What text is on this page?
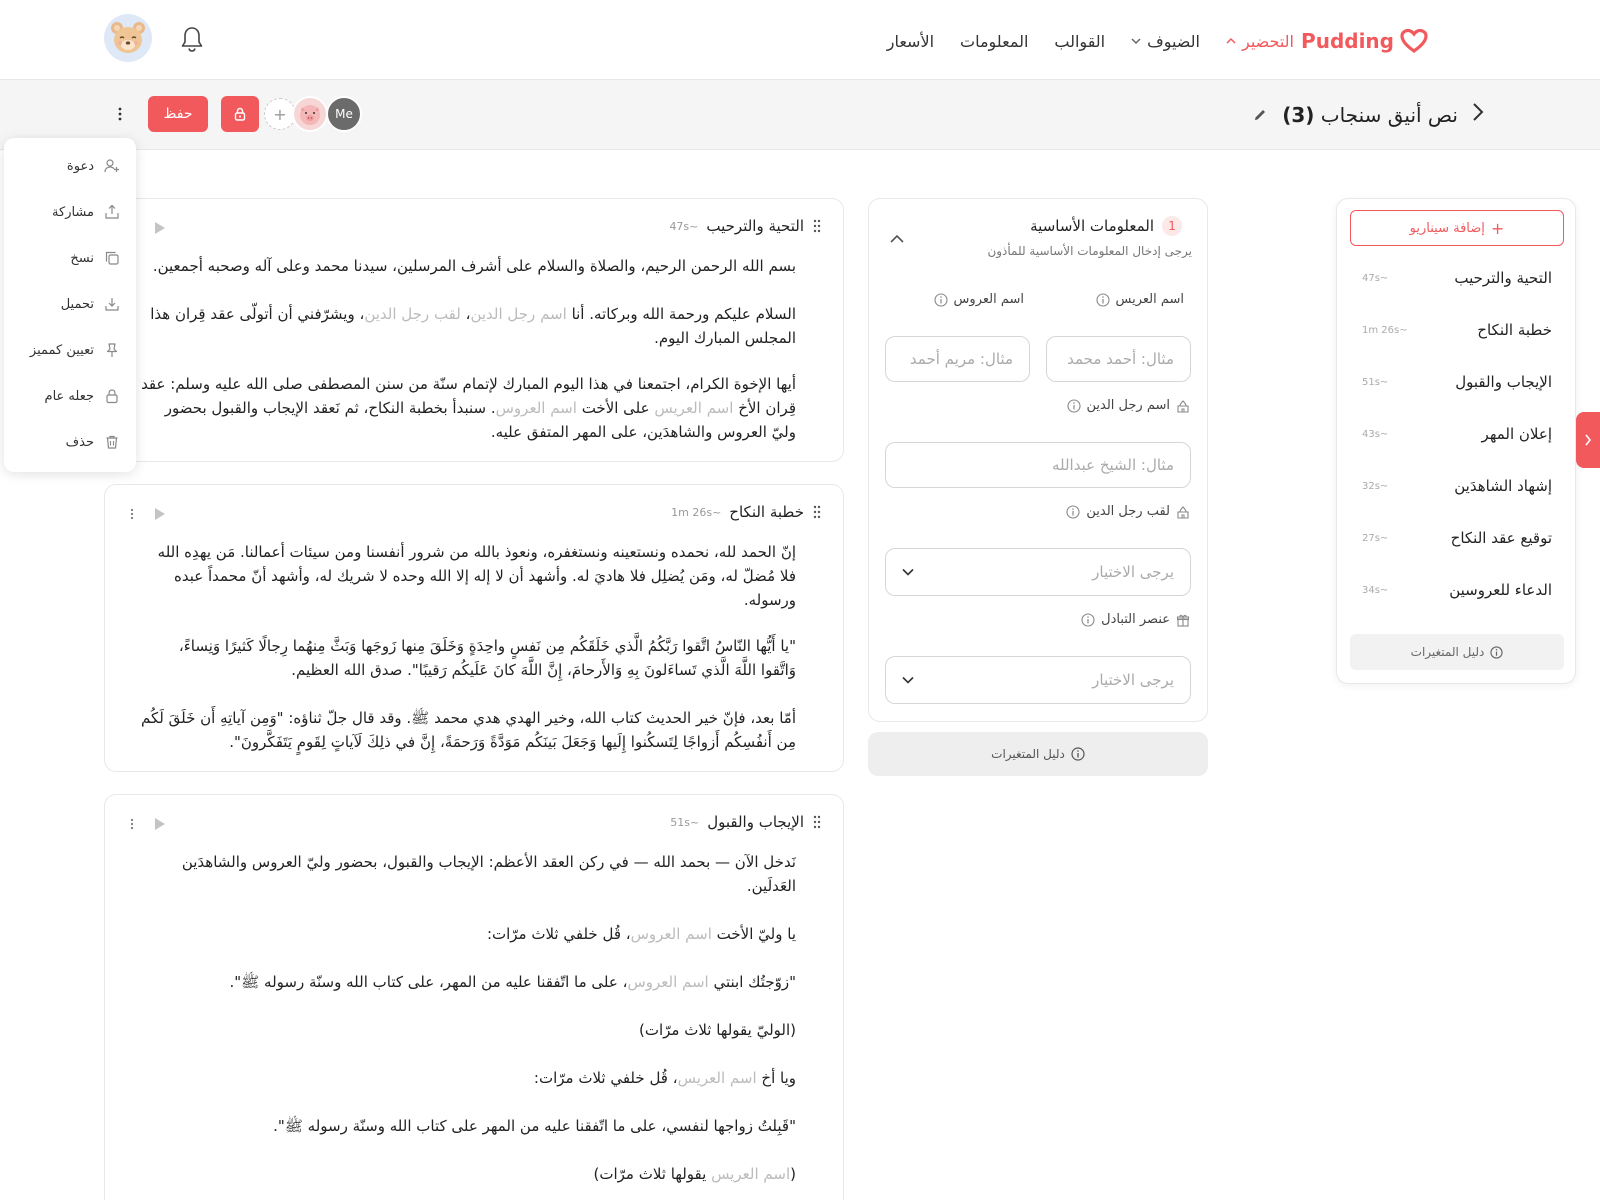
Pudding
التحضير
الضيوف
القوالب
المعلومات
الأسعار
نص أنيق سنجاب (3)
حفظ	+	Me
دعوة
مشاركة
نسخ
تحميل
تعيين كمميز
جعله عام
حذف
+
إضافة سيناريو
التحية والترحيب
47s~
خطبة النكاح
1m 26s~
الإيجاب والقبول
51s~
إعلان المهر
43s~
إشهاد الشاهدَين
32s~
توقيع عقد النكاح
27s~
الدعاء للعروسين
34s~
دليل المتغيرات
1
المعلومات الأساسية
يرجى إدخال المعلومات الأساسية للمأذون
اسم العريس
اسم العروس
مثال: أحمد محمد
مثال: مريم أحمد
اسم رجل الدين
مثال: الشيخ عبدالله
لقب رجل الدين
يرجى الاختيار
عنصر التبادل
يرجى الاختيار
دليل المتغيرات
التحية والترحيب
47s~
بسم الله الرحمن الرحيم، والصلاة والسلام على أشرف المرسلين، سيدنا محمد وعلى آله وصحبه أجمعين.
السلام عليكم ورحمة الله وبركاته. أنا اسم رجل الدين، لقب رجل الدين، ويشرّفني أن أتولّى عقد قِران هذا المجلس المبارك اليوم.
أيها الإخوة الكرام، اجتمعنا في هذا اليوم المبارك لإتمام سنّة من سنن المصطفى صلى الله عليه وسلم: عقد قِران الأخ اسم العريس على الأخت اسم العروس. سنبدأ بخطبة النكاح، ثم نَعقد الإيجاب والقبول بحضور وليّ العروس والشاهدَين، على المهر المتفق عليه.
خطبة النكاح
1m 26s~
إنّ الحمد لله، نحمده ونستعينه ونستغفره، ونعوذ بالله من شرور أنفسنا ومن سيئات أعمالنا. مَن يهدِه الله فلا مُضلّ له، ومَن يُضلِل فلا هاديَ له. وأشهد أن لا إله إلا الله وحده لا شريك له، وأشهد أنّ محمداً عبده ورسوله.
"يا أَيُّها النّاسُ اتَّقوا رَبَّكُمُ الَّذي خَلَقَكُم مِن نَفسٍ واحِدَةٍ وَخَلَقَ مِنها زَوجَها وَبَثَّ مِنهُما رِجالًا كَثيرًا وَنِساءً، وَاتَّقوا اللَّهَ الَّذي تَساءَلونَ بِهِ وَالأَرحامَ، إِنَّ اللَّهَ كانَ عَلَيكُم رَقيبًا". صدق الله العظيم.
أمّا بعد، فإنّ خير الحديث كتاب الله، وخير الهدي هدي محمد ﷺ. وقد قال جلّ ثناؤه: "وَمِن آياتِهِ أَن خَلَقَ لَكُم مِن أَنفُسِكُم أَزواجًا لِتَسكُنوا إِلَيها وَجَعَلَ بَينَكُم مَوَدَّةً وَرَحمَةً، إِنَّ في ذلِكَ لَآياتٍ لِقَومٍ يَتَفَكَّرونَ".
الإيجاب والقبول
51s~
نَدخل الآن — بحمد الله — في ركن العقد الأعظم: الإيجاب والقبول، بحضور وليّ العروس والشاهدَين العَدلَين.
يا وليّ الأخت اسم العروس، قُل خلفي ثلاث مرّات:
"زوّجتُك ابنتي اسم العروس، على ما اتّفقنا عليه من المهر، على كتاب الله وسنّة رسوله ﷺ".
(الوليّ يقولها ثلاث مرّات)
ويا أخ اسم العريس، قُل خلفي ثلاث مرّات:
"قَبِلتُ زواجها لنفسي، على ما اتّفقنا عليه من المهر على كتاب الله وسنّة رسوله ﷺ".
(اسم العريس يقولها ثلاث مرّات)
